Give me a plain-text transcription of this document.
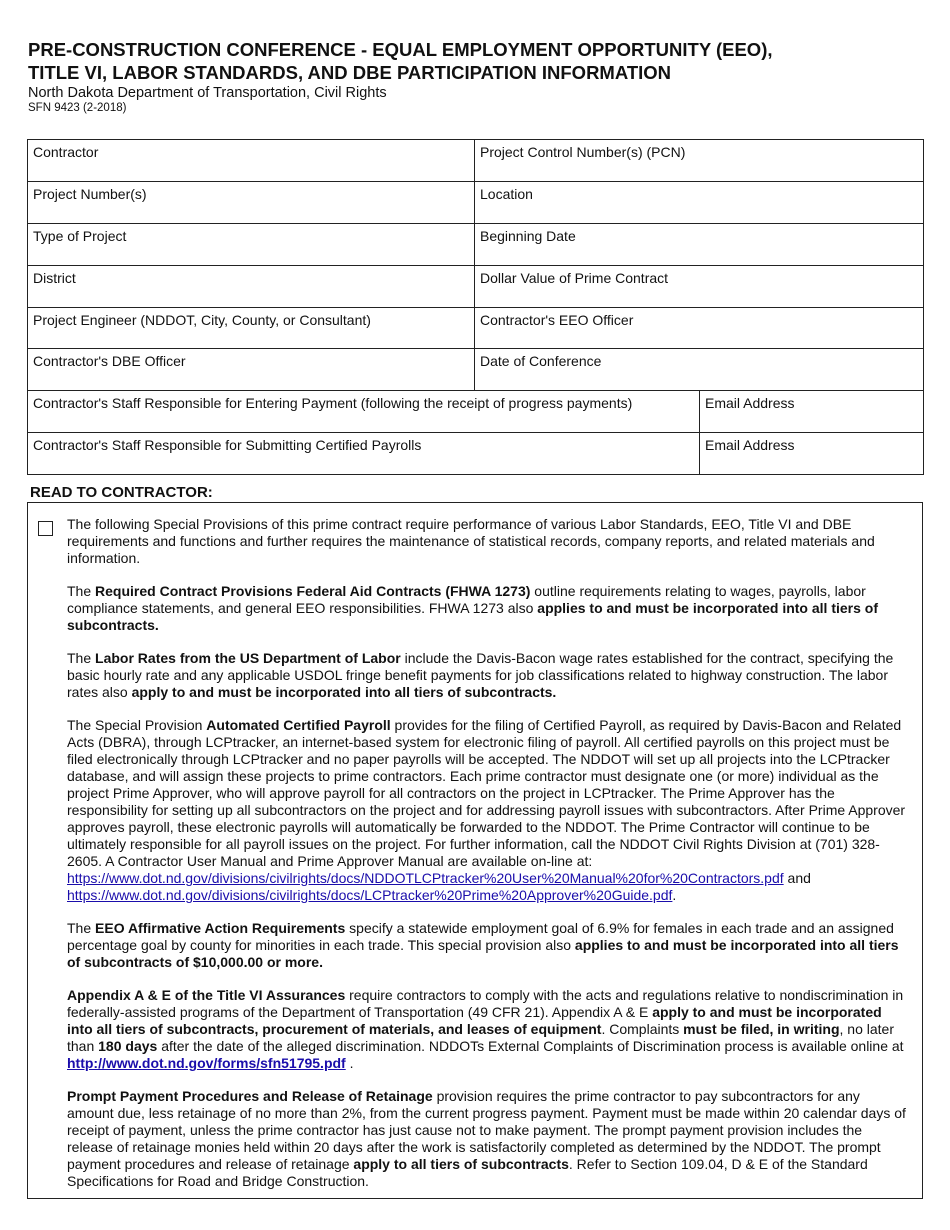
PRE-CONSTRUCTION CONFERENCE - EQUAL EMPLOYMENT OPPORTUNITY (EEO),
TITLE VI, LABOR STANDARDS, AND DBE PARTICIPATION INFORMATION
North Dakota Department of Transportation, Civil Rights
SFN 9423 (2-2018)
Contractor	Project Control Number(s) (PCN)	
Project Number(s)	Location	
Type of Project	Beginning Date	
District	Dollar Value of Prime Contract	
Project Engineer (NDDOT, City, County, or Consultant)	Contractor's EEO Officer	
Contractor's DBE Officer	Date of Conference	
Contractor's Staff Responsible for Entering Payment (following the receipt of progress payments)		Email Address
Contractor's Staff Responsible for Submitting Certified Payrolls		Email Address
READ TO CONTRACTOR:

The following Special Provisions of this prime contract require performance of various Labor Standards, EEO, Title VI and DBE requirements and functions and further requires the maintenance of statistical records, company reports, and related materials and information.

The Required Contract Provisions Federal Aid Contracts (FHWA 1273) outline requirements relating to wages, payrolls, labor compliance statements, and general EEO responsibilities. FHWA 1273 also applies to and must be incorporated into all tiers of subcontracts.

The Labor Rates from the US Department of Labor include the Davis-Bacon wage rates established for the contract, specifying the basic hourly rate and any applicable USDOL fringe benefit payments for job classifications related to highway construction. The labor rates also apply to and must be incorporated into all tiers of subcontracts.

The Special Provision Automated Certified Payroll provides for the filing of Certified Payroll, as required by Davis-Bacon and Related Acts (DBRA), through LCPtracker, an internet-based system for electronic filing of payroll. All certified payrolls on this project must be filed electronically through LCPtracker and no paper payrolls will be accepted. The NDDOT will set up all projects into the LCPtracker database, and will assign these projects to prime contractors. Each prime contractor must designate one (or more) individual as the project Prime Approver, who will approve payroll for all contractors on the project in LCPtracker. The Prime Approver has the responsibility for setting up all subcontractors on the project and for addressing payroll issues with subcontractors. After Prime Approver approves payroll, these electronic payrolls will automatically be forwarded to the NDDOT. The Prime Contractor will continue to be ultimately responsible for all payroll issues on the project. For further information, call the NDDOT Civil Rights Division at (701) 328-2605. A Contractor User Manual and Prime Approver Manual are available on-line at: https://www.dot.nd.gov/divisions/civilrights/docs/NDDOTLCPtracker%20User%20Manual%20for%20Contractors.pdf and https://www.dot.nd.gov/divisions/civilrights/docs/LCPtracker%20Prime%20Approver%20Guide.pdf.

The EEO Affirmative Action Requirements specify a statewide employment goal of 6.9% for females in each trade and an assigned percentage goal by county for minorities in each trade. This special provision also applies to and must be incorporated into all tiers of subcontracts of $10,000.00 or more.

Appendix A & E of the Title VI Assurances require contractors to comply with the acts and regulations relative to nondiscrimination in federally-assisted programs of the Department of Transportation (49 CFR 21). Appendix A & E apply to and must be incorporated into all tiers of subcontracts, procurement of materials, and leases of equipment. Complaints must be filed, in writing, no later than 180 days after the date of the alleged discrimination. NDDOTs External Complaints of Discrimination process is available online at http://www.dot.nd.gov/forms/sfn51795.pdf .

Prompt Payment Procedures and Release of Retainage provision requires the prime contractor to pay subcontractors for any amount due, less retainage of no more than 2%, from the current progress payment. Payment must be made within 20 calendar days of receipt of payment, unless the prime contractor has just cause not to make payment. The prompt payment provision includes the release of retainage monies held within 20 days after the work is satisfactorily completed as determined by the NDDOT. The prompt payment procedures and release of retainage apply to all tiers of subcontracts. Refer to Section 109.04, D & E of the Standard Specifications for Road and Bridge Construction.
